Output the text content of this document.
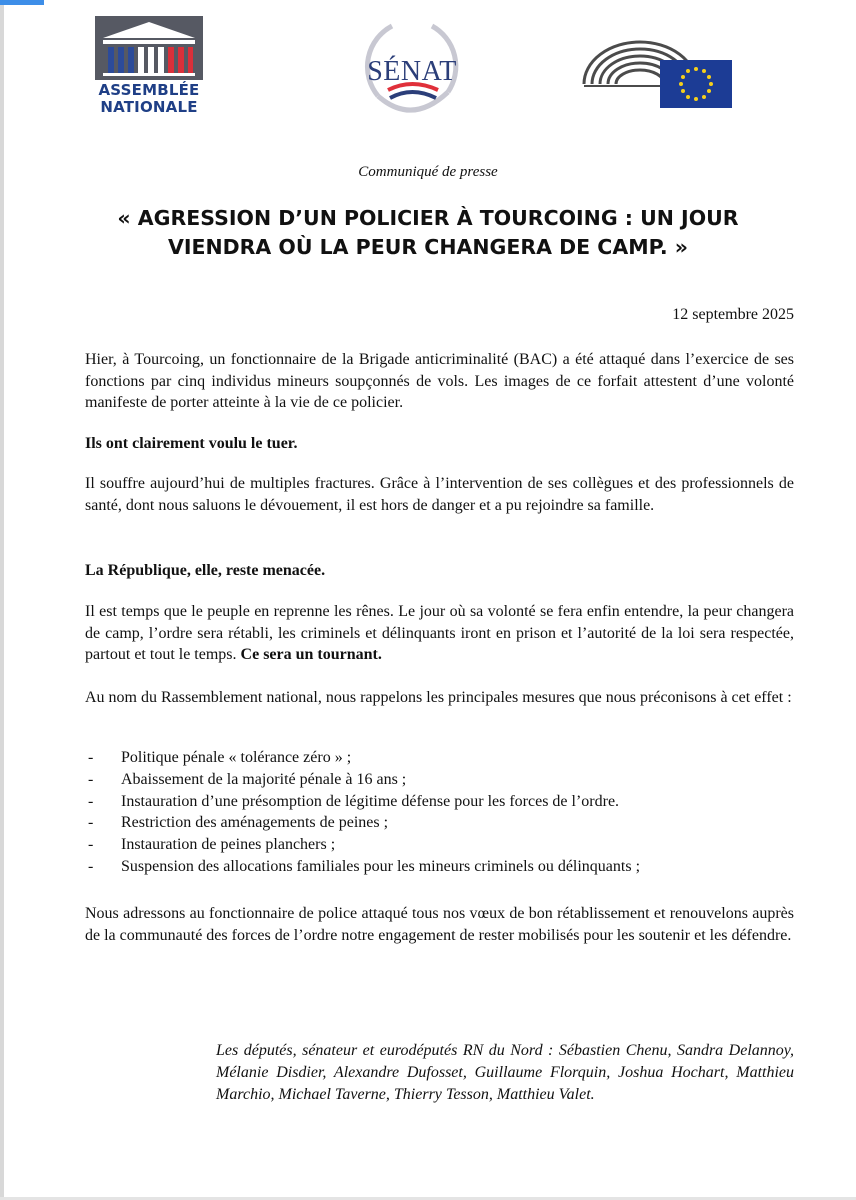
ASSEMBLÉE
NATIONALE
SÉNAT
Communiqué de presse
« AGRESSION D’UN POLICIER À TOURCOING : UN JOUR VIENDRA OÙ LA PEUR CHANGERA DE CAMP. »
12 septembre 2025

Hier, à Tourcoing, un fonctionnaire de la Brigade anticriminalité (BAC) a été attaqué dans l’exercice de ses fonctions par cinq individus mineurs soupçonnés de vols. Les images de ce forfait attestent d’une volonté manifeste de porter atteinte à la vie de ce policier.

Ils ont clairement voulu le tuer.

Il souffre aujourd’hui de multiples fractures. Grâce à l’intervention de ses collègues et des professionnels de santé, dont nous saluons le dévouement, il est hors de danger et a pu rejoindre sa famille.

La République, elle, reste menacée.

Il est temps que le peuple en reprenne les rênes. Le jour où sa volonté se fera enfin entendre, la peur changera de camp, l’ordre sera rétabli, les criminels et délinquants iront en prison et l’autorité de la loi sera respectée, partout et tout le temps. Ce sera un tournant.

Au nom du Rassemblement national, nous rappelons les principales mesures que nous préconisons à cet effet :

- Politique pénale « tolérance zéro » ;
- Abaissement de la majorité pénale à 16 ans ;
- Instauration d’une présomption de légitime défense pour les forces de l’ordre.
- Restriction des aménagements de peines ;
- Instauration de peines planchers ;
- Suspension des allocations familiales pour les mineurs criminels ou délinquants ;

Nous adressons au fonctionnaire de police attaqué tous nos vœux de bon rétablissement et renouvelons auprès de la communauté des forces de l’ordre notre engagement de rester mobilisés pour les soutenir et les défendre.

Les députés, sénateur et eurodéputés RN du Nord : Sébastien Chenu, Sandra Delannoy, Mélanie Disdier, Alexandre Dufosset, Guillaume Florquin, Joshua Hochart, Matthieu Marchio, Michael Taverne, Thierry Tesson, Matthieu Valet.
